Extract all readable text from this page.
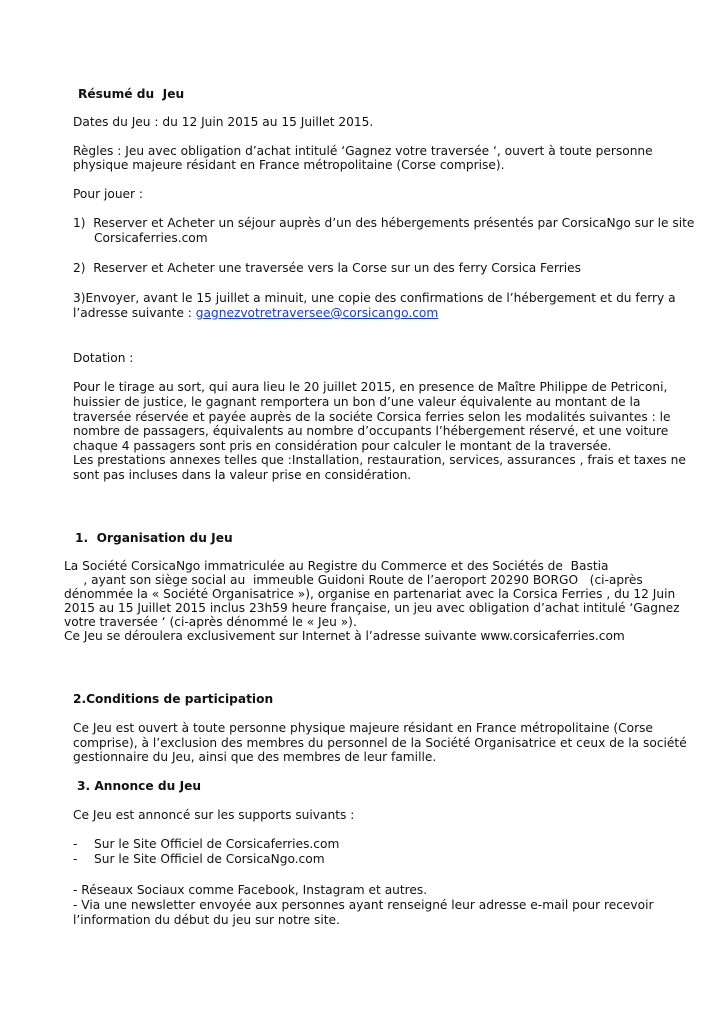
Résumé du  Jeu

Dates du Jeu : du 12 Juin 2015 au 15 Juillet 2015.

Règles : Jeu avec obligation d’achat intitulé ‘Gagnez votre traversée ‘, ouvert à toute personne

physique majeure résidant en France métropolitaine (Corse comprise).

Pour jouer :

1)  Reserver et Acheter un séjour auprès d’un des hébergements présentés par CorsicaNgo sur le site

Corsicaferries.com

2)  Reserver et Acheter une traversée vers la Corse sur un des ferry Corsica Ferries

3)Envoyer, avant le 15 juillet a minuit, une copie des confirmations de l’hébergement et du ferry a

l’adresse suivante : gagnezvotretraversee@corsicango.com

Dotation :

Pour le tirage au sort, qui aura lieu le 20 juillet 2015, en presence de Maître Philippe de Petriconi,

huissier de justice, le gagnant remportera un bon d’une valeur équivalente au montant de la

traversée réservée et payée auprès de la sociéte Corsica ferries selon les modalités suivantes : le

nombre de passagers, équivalents au nombre d’occupants l’hébergement réservé, et une voiture

chaque 4 passagers sont pris en considération pour calculer le montant de la traversée.

Les prestations annexes telles que :Installation, restauration, services, assurances , frais et taxes ne

sont pas incluses dans la valeur prise en considération.

1.  Organisation du Jeu

La Société CorsicaNgo immatriculée au Registre du Commerce et des Sociétés de  Bastia

, ayant son siège social au  immeuble Guidoni Route de l’aeroport 20290 BORGO   (ci-après

dénommée la « Société Organisatrice »), organise en partenariat avec la Corsica Ferries , du 12 Juin

2015 au 15 Juillet 2015 inclus 23h59 heure française, un jeu avec obligation d’achat intitulé ‘Gagnez

votre traversée ‘ (ci-après dénommé le « Jeu »).

Ce Jeu se déroulera exclusivement sur Internet à l’adresse suivante www.corsicaferries.com

2.Conditions de participation

Ce Jeu est ouvert à toute personne physique majeure résidant en France métropolitaine (Corse

comprise), à l’exclusion des membres du personnel de la Société Organisatrice et ceux de la société

gestionnaire du Jeu, ainsi que des membres de leur famille.

3. Annonce du Jeu

Ce Jeu est annoncé sur les supports suivants :

- Sur le Site Officiel de Corsicaferries.com

- Sur le Site Officiel de CorsicaNgo.com

- Réseaux Sociaux comme Facebook, Instagram et autres.

- Via une newsletter envoyée aux personnes ayant renseigné leur adresse e-mail pour recevoir

l’information du début du jeu sur notre site.
